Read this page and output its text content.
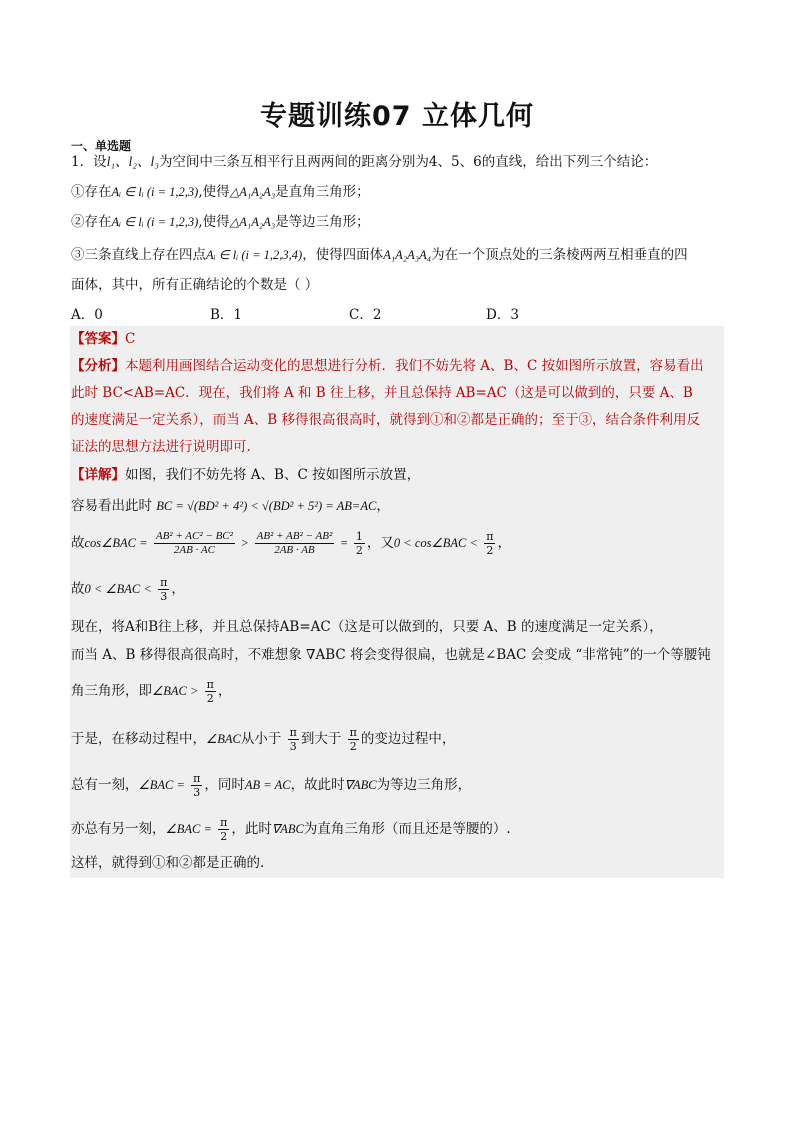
专题训练07 立体几何
一、单选题
1．设l₁、l₂、l₃为空间中三条互相平行且两两间的距离分别为4、5、6的直线，给出下列三个结论：
①存在Aᵢ ∈ lᵢ (i = 1,2,3),使得△A₁A₂A₃是直角三角形；
②存在Aᵢ ∈ lᵢ (i = 1,2,3),使得△A₁A₂A₃是等边三角形；
③三条直线上存在四点Aᵢ ∈ lᵢ (i = 1,2,3,4)，使得四面体A₁A₂A₃A₄为在一个顶点处的三条棱两两互相垂直的四
面体，其中，所有正确结论的个数是（ ）
A．0	B．1	C．2	D．3
【答案】C
【分析】本题利用画图结合运动变化的思想进行分析．我们不妨先将 A、B、C 按如图所示放置，容易看出
此时 BC<AB=AC．现在，我们将 A 和 B 往上移，并且总保持 AB=AC（这是可以做到的，只要 A、B
的速度满足一定关系），而当 A、B 移得很高很高时，就得到①和②都是正确的；至于③，结合条件利用反
证法的思想方法进行说明即可.
【详解】如图，我们不妨先将 A、B、C 按如图所示放置，
容易看出此时 BC = √(BD² + 4²) < √(BD² + 5²) = AB=AC，
故cos∠BAC = $\frac{\text{AB² + AC² − BC²}}{2AB \cdot AC} > \frac{\text{AB² + AB² − AB²}}{2AB \cdot AB} = \frac{1}{2}$ ，又0 < cos∠BAC < $\frac{\pi}{2}$ ，
故0 < ∠BAC < $\frac{\pi}{3}$ ，
现在，将A和B往上移，并且总保持AB=AC（这是可以做到的，只要 A、B 的速度满足一定关系），
而当 A、B 移得很高很高时，不难想象 ∇ABC 将会变得很扁，也就是∠BAC 会变成 “非常钝”的一个等腰钝
角三角形，即∠BAC > $\frac{\pi}{2}$ ，
于是，在移动过程中，∠BAC从小于 $\frac{\pi}{3}$ 到大于 $\frac{\pi}{2}$ 的变边过程中，
总有一刻，∠BAC = $\frac{\pi}{3}$ ，同时AB = AC，故此时∇ABC为等边三角形，
亦总有另一刻，∠BAC = $\frac{\pi}{2}$ ，此时∇ABC为直角三角形（而且还是等腰的）.
这样，就得到①和②都是正确的.
